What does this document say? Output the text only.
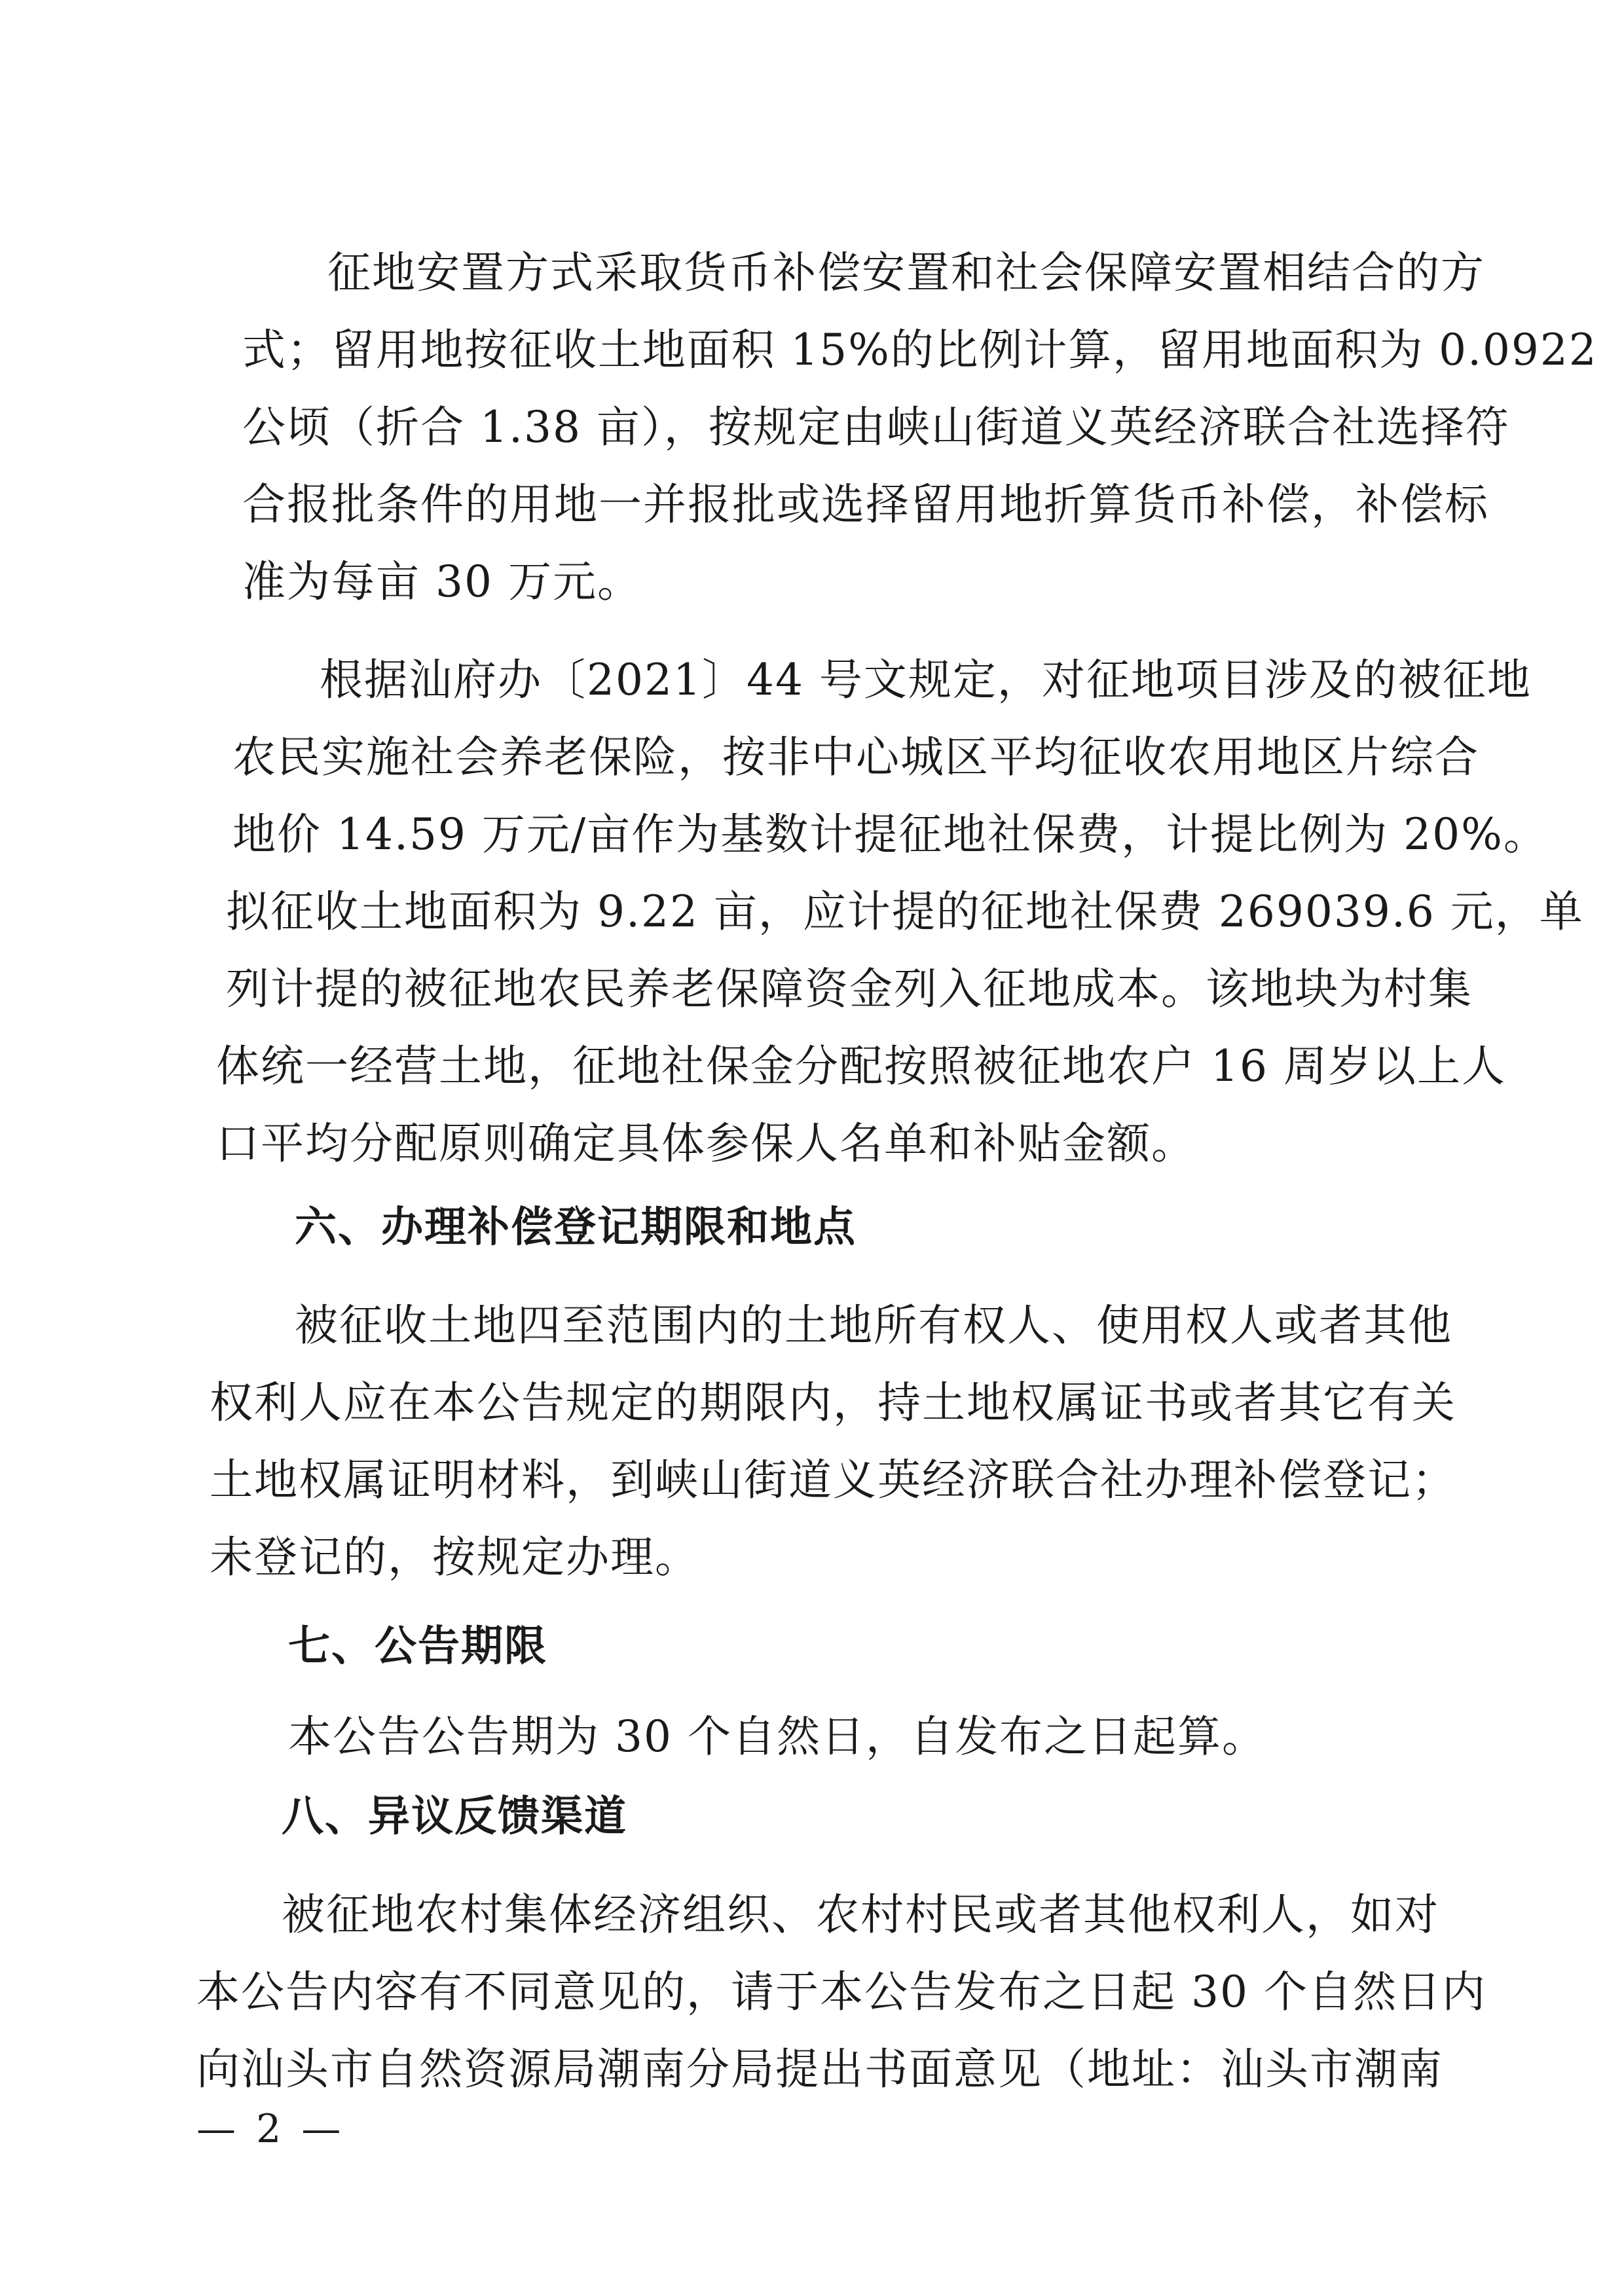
征地安置方式采取货币补偿安置和社会保障安置相结合的方
式；留用地按征收土地面积 15%的比例计算，留用地面积为 0.0922
公顷（折合 1.38 亩），按规定由峡山街道义英经济联合社选择符
合报批条件的用地一并报批或选择留用地折算货币补偿，补偿标
准为每亩 30 万元。
根据汕府办〔2021〕44 号文规定，对征地项目涉及的被征地
农民实施社会养老保险，按非中心城区平均征收农用地区片综合
地价 14.59 万元/亩作为基数计提征地社保费，计提比例为 20%。
拟征收土地面积为 9.22 亩，应计提的征地社保费 269039.6 元，单
列计提的被征地农民养老保障资金列入征地成本。该地块为村集
体统一经营土地，征地社保金分配按照被征地农户 16 周岁以上人
口平均分配原则确定具体参保人名单和补贴金额。
六、办理补偿登记期限和地点
被征收土地四至范围内的土地所有权人、使用权人或者其他
权利人应在本公告规定的期限内，持土地权属证书或者其它有关
土地权属证明材料，到峡山街道义英经济联合社办理补偿登记；
未登记的，按规定办理。
七、公告期限
本公告公告期为 30 个自然日，自发布之日起算。
八、异议反馈渠道
被征地农村集体经济组织、农村村民或者其他权利人，如对
本公告内容有不同意见的，请于本公告发布之日起 30 个自然日内
向汕头市自然资源局潮南分局提出书面意见（地址：汕头市潮南
— 2 —
